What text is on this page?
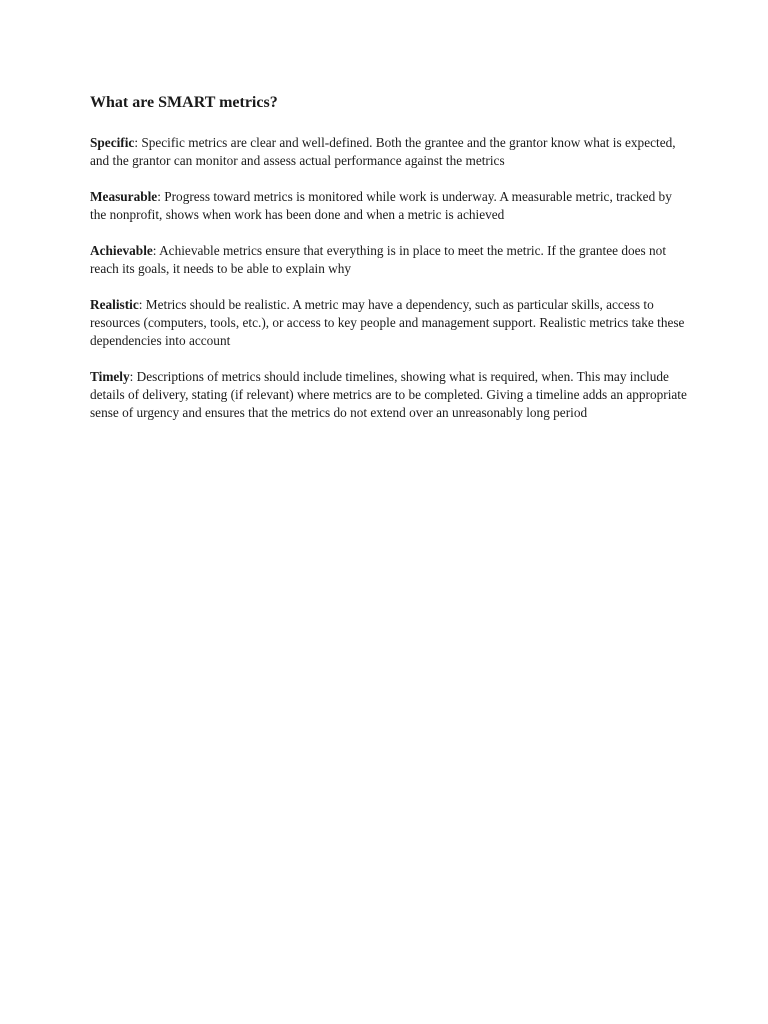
What are SMART metrics?

Specific: Specific metrics are clear and well-defined. Both the grantee and the grantor know what is expected, and the grantor can monitor and assess actual performance against the metrics

Measurable: Progress toward metrics is monitored while work is underway. A measurable metric, tracked by the nonprofit, shows when work has been done and when a metric is achieved

Achievable: Achievable metrics ensure that everything is in place to meet the metric. If the grantee does not reach its goals, it needs to be able to explain why

Realistic: Metrics should be realistic. A metric may have a dependency, such as particular skills, access to resources (computers, tools, etc.), or access to key people and management support. Realistic metrics take these dependencies into account

Timely: Descriptions of metrics should include timelines, showing what is required, when. This may include details of delivery, stating (if relevant) where metrics are to be completed. Giving a timeline adds an appropriate sense of urgency and ensures that the metrics do not extend over an unreasonably long period
